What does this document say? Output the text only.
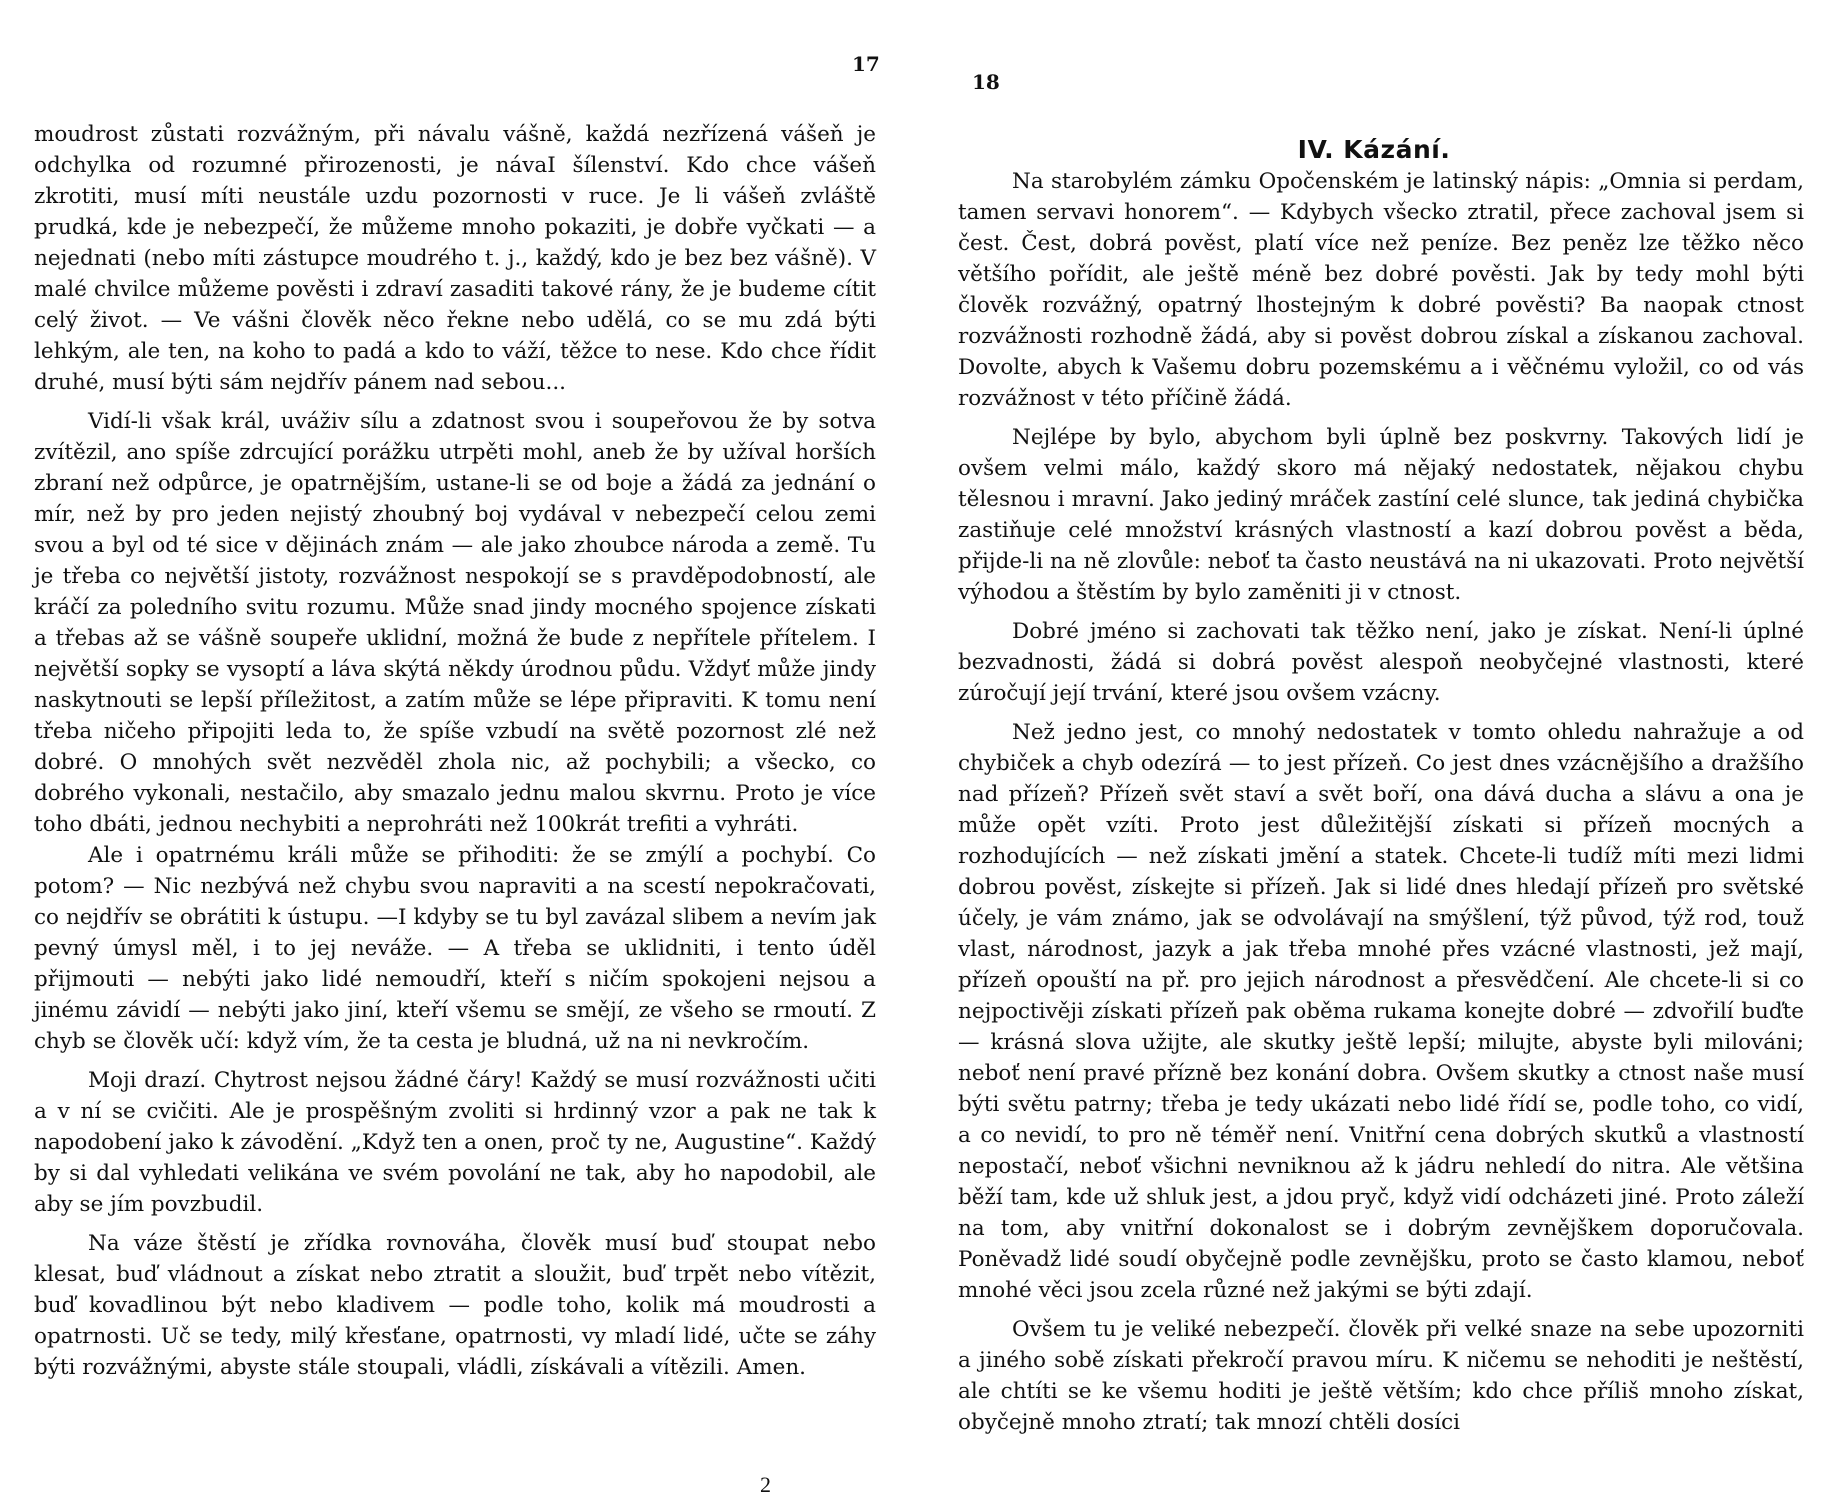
17

moudrost zůstati rozvážným, při návalu vášně, každá nezřízená vášeň je odchylka od rozumné přirozenosti, je návaI šílenství. Kdo chce vášeň zkrotiti, musí míti neustále uzdu pozornosti v ruce. Je li vášeň zvláště prudká, kde je nebezpečí, že můžeme mnoho pokaziti, je dobře vyčkati — a nejednati (nebo míti zástupce moudrého t. j., každý, kdo je bez bez vášně). V malé chvilce můžeme pověsti i zdraví zasaditi takové rány, že je budeme cítit celý život. — Ve vášni člověk něco řekne nebo udělá, co se mu zdá býti lehkým, ale ten, na koho to padá a kdo to váží, těžce to nese. Kdo chce řídit druhé, musí býti sám nejdřív pánem nad sebou...

Vidí-li však král, uváživ sílu a zdatnost svou i soupeřovou že by sotva zvítězil, ano spíše zdrcující porážku utrpěti mohl, aneb že by užíval horších zbraní než odpůrce, je opatrnějším, ustane-li se od boje a žádá za jednání o mír, než by pro jeden nejistý zhoubný boj vydával v nebezpečí celou zemi svou a byl od té sice v dějinách znám — ale jako zhoubce národa a země. Tu je třeba co největší jistoty, rozvážnost nespokojí se s pravděpodobností, ale kráčí za poledního svitu rozumu. Může snad jindy mocného spojence získati a třebas až se vášně soupeře uklidní, možná že bude z nepřítele přítelem. I největší sopky se vysoptí a láva skýtá někdy úrodnou půdu. Vždyť může jindy naskytnouti se lepší příležitost, a zatím může se lépe připraviti. K tomu není třeba ničeho připojiti leda to, že spíše vzbudí na světě pozornost zlé než dobré. O mnohých svět nezvěděl zhola nic, až pochybili; a všecko, co dobrého vykonali, nestačilo, aby smazalo jednu malou skvrnu. Proto je více toho dbáti, jednou nechybiti a neprohráti než 100krát trefiti a vyhráti.

Ale i opatrnému králi může se přihoditi: že se zmýlí a pochybí. Co potom? — Nic nezbývá než chybu svou napraviti a na scestí nepokračovati, co nejdřív se obrátiti k ústupu. —I kdyby se tu byl zavázal slibem a nevím jak pevný úmysl měl, i to jej neváže. — A třeba se uklidniti, i tento úděl přijmouti — nebýti jako lidé nemoudří, kteří s ničím spokojeni nejsou a jinému závidí — nebýti jako jiní, kteří všemu se smějí, ze všeho se rmoutí. Z chyb se člověk učí: když vím, že ta cesta je bludná, už na ni nevkročím.

Moji drazí. Chytrost nejsou žádné čáry! Každý se musí rozvážnosti učiti a v ní se cvičiti. Ale je prospěšným zvoliti si hrdinný vzor a pak ne tak k napodobení jako k závodění. „Když ten a onen, proč ty ne, Augustine“. Každý by si dal vyhledati velikána ve svém povolání ne tak, aby ho napodobil, ale aby se jím povzbudil.

Na váze štěstí je zřídka rovnováha, člověk musí buď stoupat nebo klesat, buď vládnout a získat nebo ztratit a sloužit, buď trpět nebo vítězit, buď kovadlinou být nebo kladivem — podle toho, kolik má moudrosti a opatrnosti. Uč se tedy, milý křesťane, opatrnosti, vy mladí lidé, učte se záhy býti rozvážnými, abyste stále stoupali, vládli, získávali a vítězili. Amen.

2
18
IV. Kázání.

Na starobylém zámku Opočenském je latinský nápis: „Omnia si perdam, tamen servavi honorem“. — Kdybych všecko ztratil, přece zachoval jsem si čest. Čest, dobrá pověst, platí více než peníze. Bez peněz lze těžko něco většího pořídit, ale ještě méně bez dobré pověsti. Jak by tedy mohl býti člověk rozvážný, opatrný lhostejným k dobré pověsti? Ba naopak ctnost rozvážnosti rozhodně žádá, aby si pověst dobrou získal a získanou zachoval. Dovolte, abych k Vašemu dobru pozemskému a i věčnému vyložil, co od vás rozvážnost v této příčině žádá.

Nejlépe by bylo, abychom byli úplně bez poskvrny. Takových lidí je ovšem velmi málo, každý skoro má nějaký nedostatek, nějakou chybu tělesnou i mravní. Jako jediný mráček zastíní celé slunce, tak jediná chybička zastiňuje celé množství krásných vlastností a kazí dobrou pověst a běda, přijde-li na ně zlovůle: neboť ta často neustává na ni ukazovati. Proto největší výhodou a štěstím by bylo zaměniti ji v ctnost.

Dobré jméno si zachovati tak těžko není, jako je získat. Není-li úplné bezvadnosti, žádá si dobrá pověst alespoň neobyčejné vlastnosti, které zúročují její trvání, které jsou ovšem vzácny.

Než jedno jest, co mnohý nedostatek v tomto ohledu nahražuje a od chybiček a chyb odezírá — to jest přízeň. Co jest dnes vzácnějšího a dražšího nad přízeň? Přízeň svět staví a svět boří, ona dává ducha a slávu a ona je může opět vzíti. Proto jest důležitější získati si přízeň mocných a rozhodujících — než získati jmění a statek. Chcete-li tudíž míti mezi lidmi dobrou pověst, získejte si přízeň. Jak si lidé dnes hledají přízeň pro světské účely, je vám známo, jak se odvolávají na smýšlení, týž původ, týž rod, touž vlast, národnost, jazyk a jak třeba mnohé přes vzácné vlastnosti, jež mají, přízeň opouští na př. pro jejich národnost a přesvědčení. Ale chcete-li si co nejpoctivěji získati přízeň pak oběma rukama konejte dobré — zdvořilí buďte — krásná slova užijte, ale skutky ještě lepší; milujte, abyste byli milováni; neboť není pravé přízně bez konání dobra. Ovšem skutky a ctnost naše musí býti světu patrny; třeba je tedy ukázati nebo lidé řídí se, podle toho, co vidí, a co nevidí, to pro ně téměř není. Vnitřní cena dobrých skutků a vlastností nepostačí, neboť všichni nevniknou až k jádru nehledí do nitra. Ale většina běží tam, kde už shluk jest, a jdou pryč, když vidí odcházeti jiné. Proto záleží na tom, aby vnitřní dokonalost se i dobrým zevnějškem doporučovala. Poněvadž lidé soudí obyčejně podle zevnějšku, proto se často klamou, neboť mnohé věci jsou zcela různé než jakými se býti zdají.

Ovšem tu je veliké nebezpečí. člověk při velké snaze na sebe upozorniti a jiného sobě získati překročí pravou míru. K ničemu se nehoditi je neštěstí, ale chtíti se ke všemu hoditi je ještě větším; kdo chce příliš mnoho získat, obyčejně mnoho ztratí; tak mnozí chtěli dosíci
